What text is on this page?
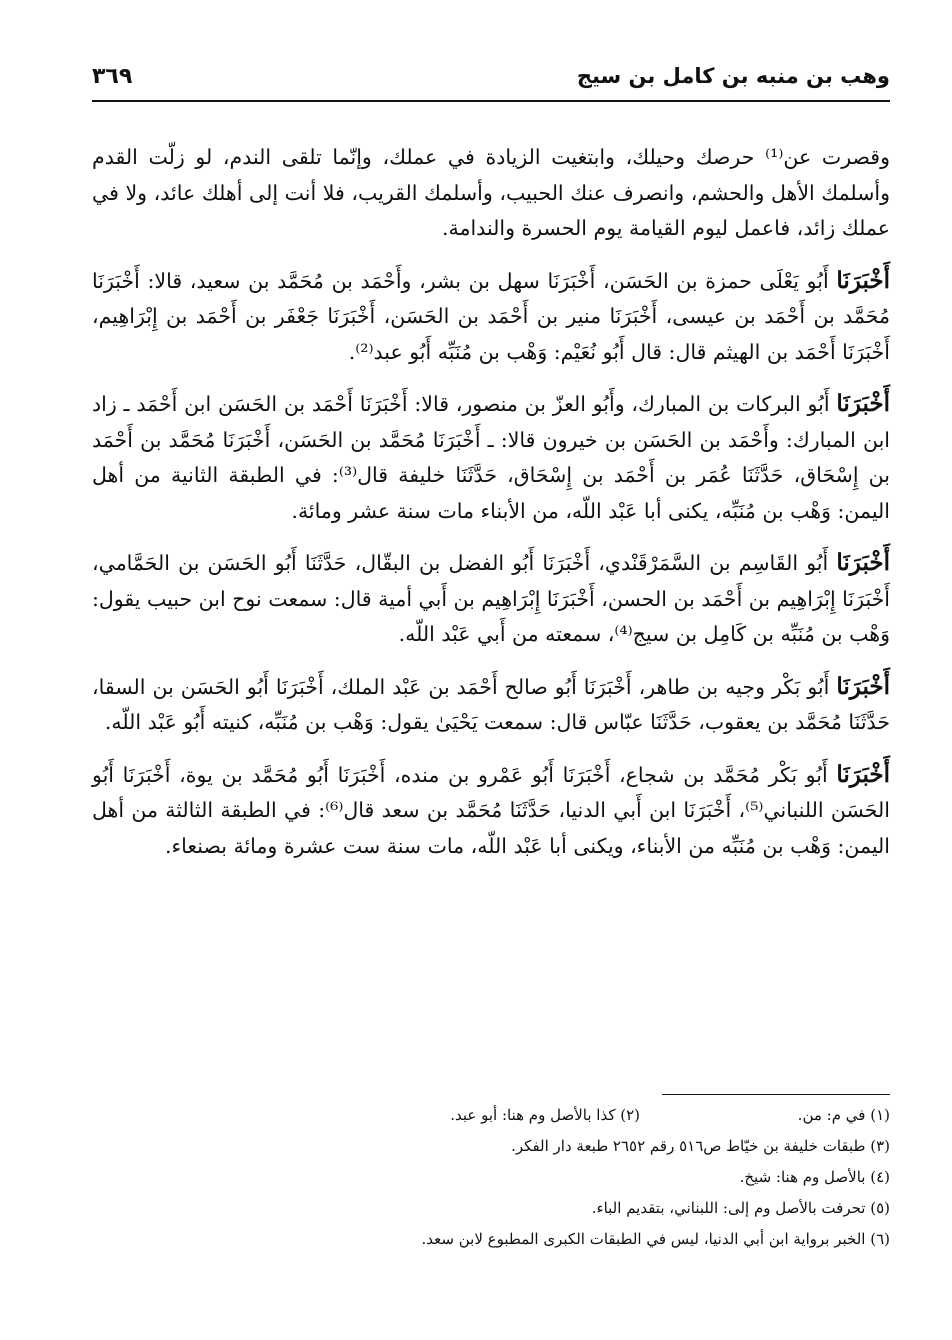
وهب بن منبه بن كامل بن سيج
٣٦٩

وقصرت عن⁽¹⁾ حرصك وحيلك، وابتغيت الزيادة في عملك، وإنّما تلقى الندم، لو زلّت القدم وأسلمك الأهل والحشم، وانصرف عنك الحبيب، وأسلمك القريب، فلا أنت إلى أهلك عائد، ولا في عملك زائد، فاعمل ليوم القيامة يوم الحسرة والندامة.

أَخْبَرَنَا أَبُو يَعْلَى حمزة بن الحَسَن، أَخْبَرَنَا سهل بن بشر، وأَحْمَد بن مُحَمَّد بن سعيد، قالا: أَخْبَرَنَا مُحَمَّد بن أَحْمَد بن عيسى، أَخْبَرَنَا منير بن أَحْمَد بن الحَسَن، أَخْبَرَنَا جَعْفَر بن أَحْمَد بن إِبْرَاهِيم، أَخْبَرَنَا أَحْمَد بن الهيثم قال: قال أَبُو نُعَيْم: وَهْب بن مُنَبِّه أَبُو عبد⁽²⁾.

أَخْبَرَنَا أَبُو البركات بن المبارك، وأَبُو العزّ بن منصور، قالا: أَخْبَرَنَا أَحْمَد بن الحَسَن ابن أَحْمَد ـ زاد ابن المبارك: وأَحْمَد بن الحَسَن بن خيرون قالا: ـ أَخْبَرَنَا مُحَمَّد بن الحَسَن، أَخْبَرَنَا مُحَمَّد بن أَحْمَد بن إِسْحَاق، حَدَّثَنَا عُمَر بن أَحْمَد بن إِسْحَاق، حَدَّثَنَا خليفة قال⁽³⁾: في الطبقة الثانية من أهل اليمن: وَهْب بن مُنَبِّه، يكنى أبا عَبْد اللّه، من الأبناء مات سنة عشر ومائة.

أَخْبَرَنَا أَبُو القَاسِم بن السَّمَرْقَنْدي، أَخْبَرَنَا أَبُو الفضل بن البقّال، حَدَّثَنَا أَبُو الحَسَن بن الحَمَّامي، أَخْبَرَنَا إِبْرَاهِيم بن أَحْمَد بن الحسن، أَخْبَرَنَا إِبْرَاهِيم بن أَبي أمية قال: سمعت نوح ابن حبيب يقول: وَهْب بن مُنَبِّه بن كَامِل بن سيج⁽⁴⁾، سمعته من أَبي عَبْد اللّه.

أَخْبَرَنَا أَبُو بَكْر وجيه بن طاهر، أَخْبَرَنَا أَبُو صالح أَحْمَد بن عَبْد الملك، أَخْبَرَنَا أَبُو الحَسَن بن السقا، حَدَّثَنَا مُحَمَّد بن يعقوب، حَدَّثَنَا عبّاس قال: سمعت يَحْيَىٰ يقول: وَهْب بن مُنَبِّه، كنيته أَبُو عَبْد اللّه.

أَخْبَرَنَا أَبُو بَكْر مُحَمَّد بن شجاع، أَخْبَرَنَا أَبُو عَمْرو بن منده، أَخْبَرَنَا أَبُو مُحَمَّد بن يوة، أَخْبَرَنَا أَبُو الحَسَن اللنباني⁽⁵⁾، أَخْبَرَنَا ابن أَبي الدنيا، حَدَّثَنَا مُحَمَّد بن سعد قال⁽⁶⁾: في الطبقة الثالثة من أهل اليمن: وَهْب بن مُنَبِّه من الأبناء، ويكنى أبا عَبْد اللّه، مات سنة ست عشرة ومائة بصنعاء.

(١) في م: من.
(٢) كذا بالأصل وم هنا: أبو عبد.
(٣) طبقات خليفة بن خيّاط ص٥١٦ رقم ٢٦٥٢ طبعة دار الفكر.
(٤) بالأصل وم هنا: شيخ.
(٥) تحرفت بالأصل وم إلى: اللبناني، بتقديم الباء.
(٦) الخبر برواية ابن أبي الدنيا، ليس في الطبقات الكبرى المطبوع لابن سعد.
